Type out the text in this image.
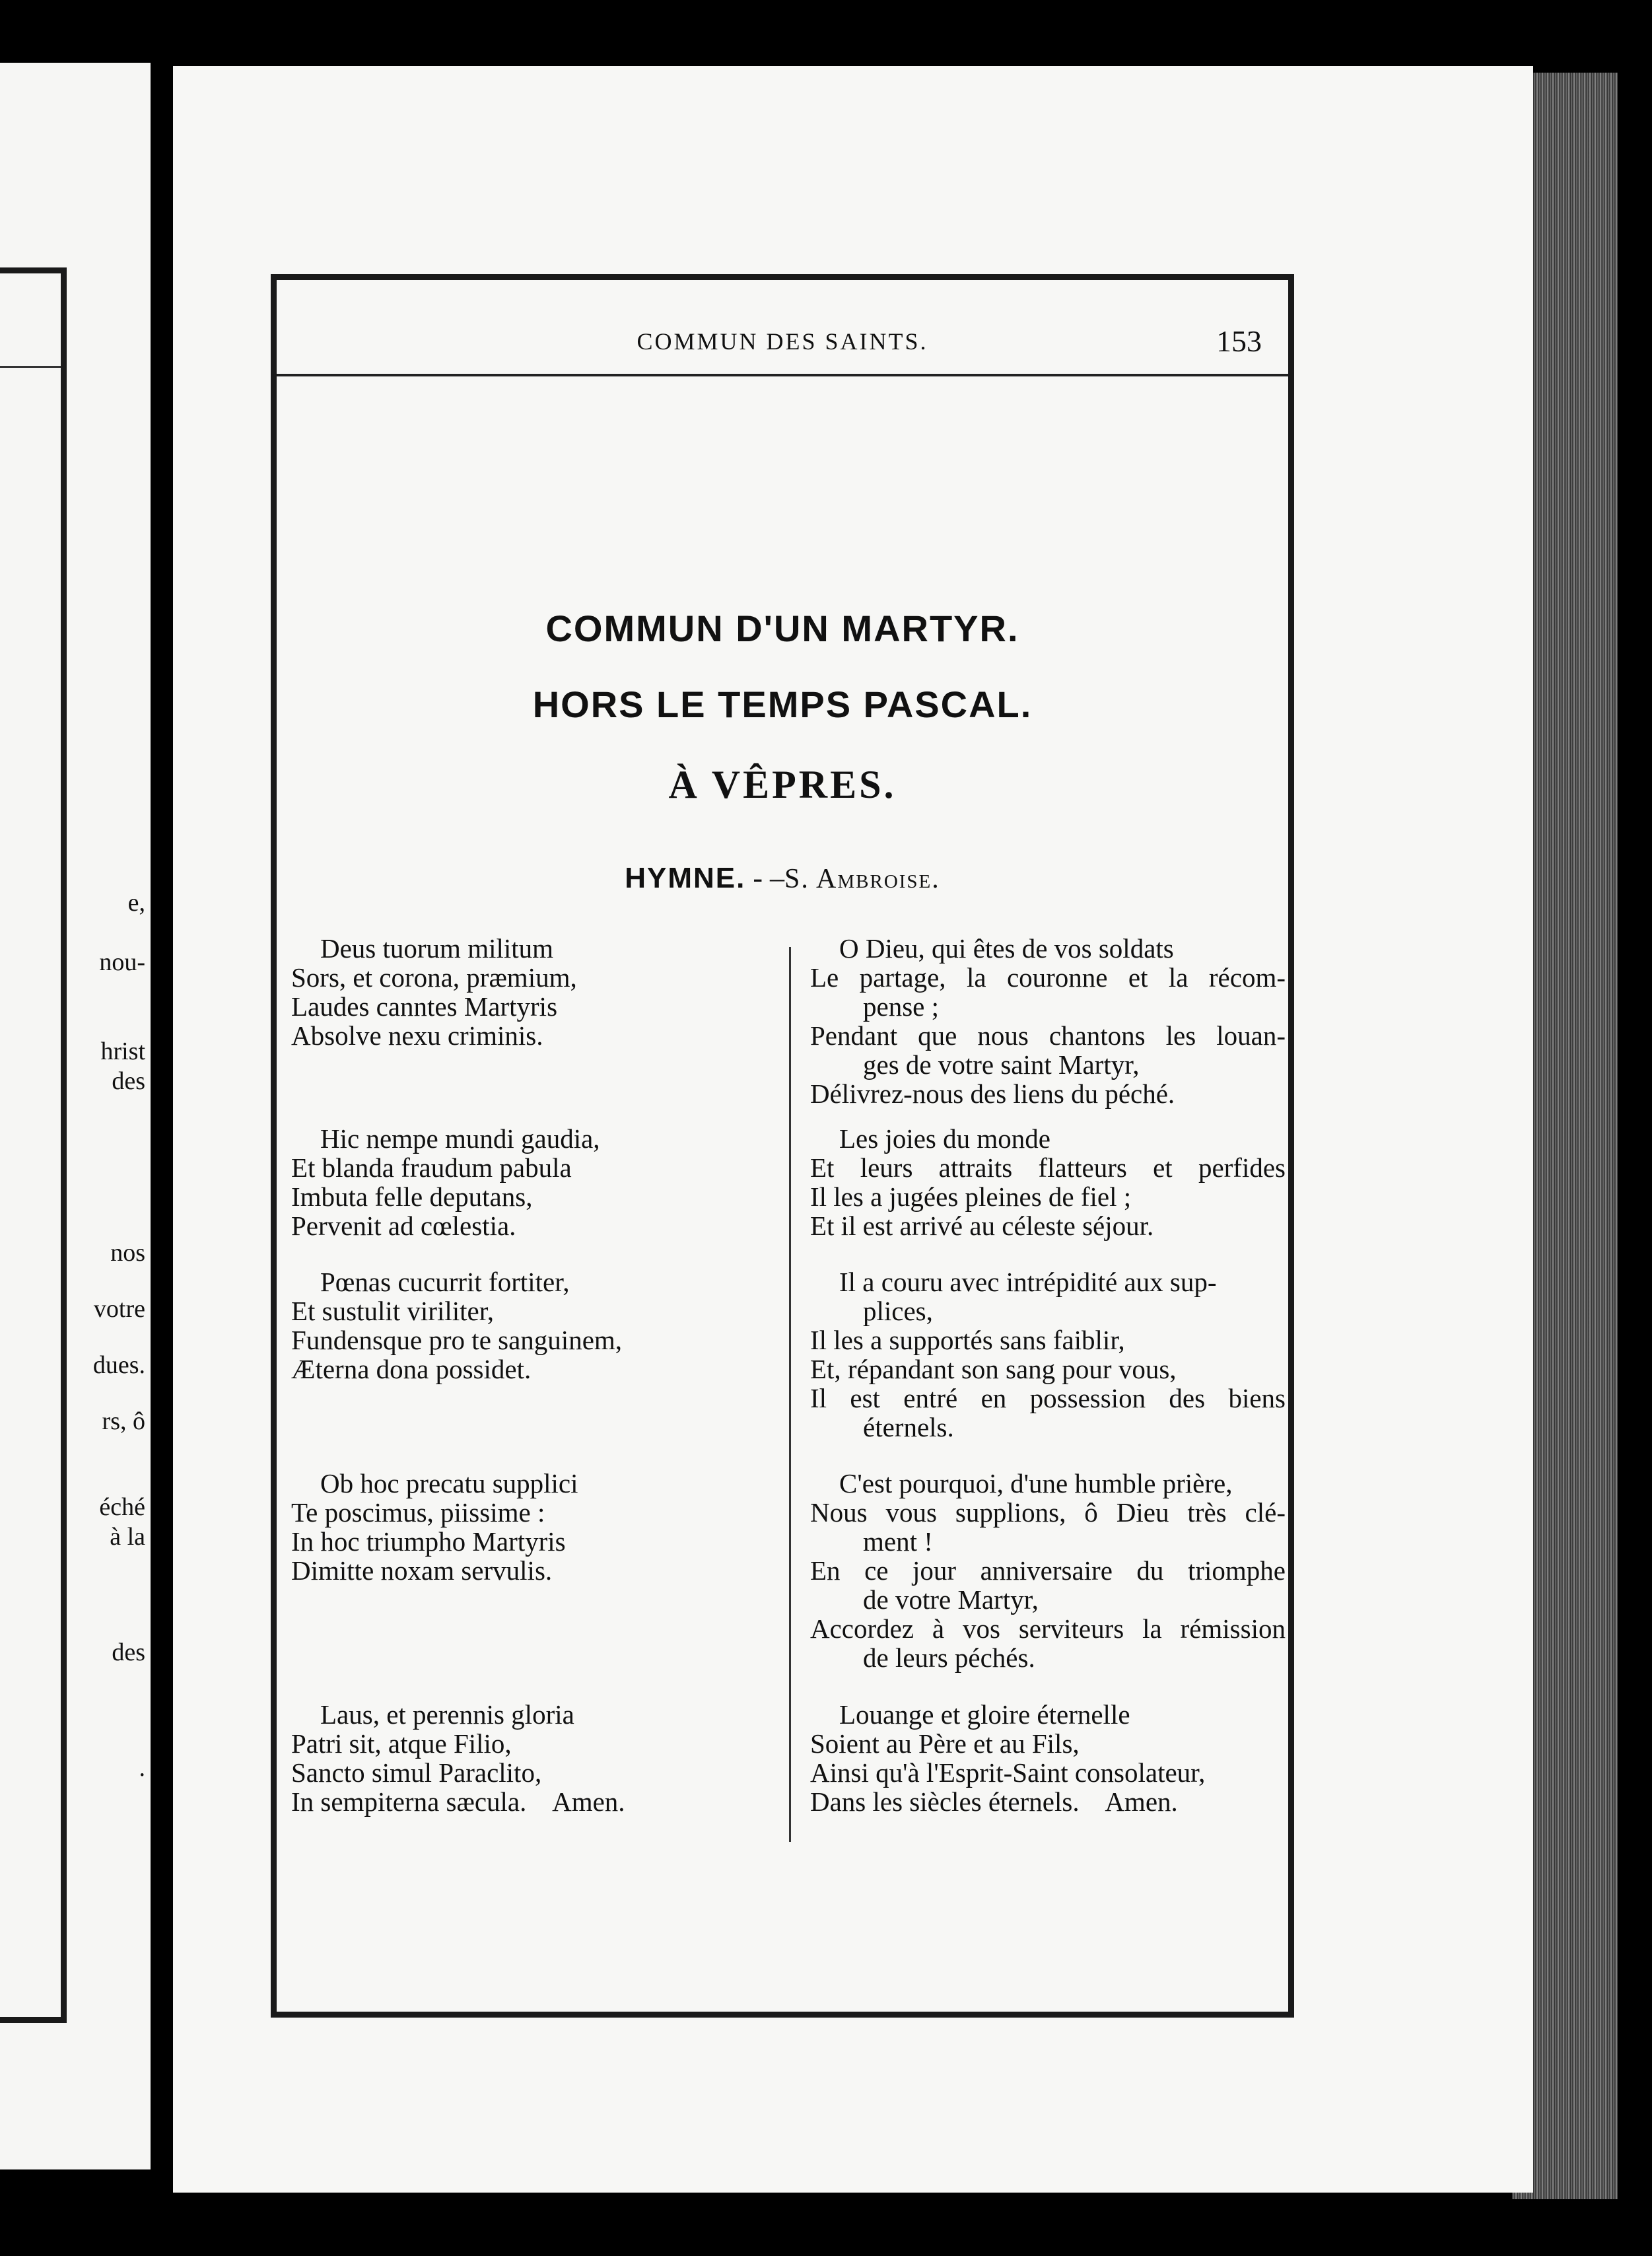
e,
nou-
hrist
des
nos
votre
dues.
rs, ô
éché
à la
des
.
COMMUN DES SAINTS.	153
COMMUN D'UN MARTYR.
HORS LE TEMPS PASCAL.
À VÊPRES.
HYMNE. - –S. Ambroise.
Deus tuorum militum
Sors, et corona, præmium,
Laudes canntes Martyris
Absolve nexu criminis.
Hic nempe mundi gaudia,
Et blanda fraudum pabula
Imbuta felle deputans,
Pervenit ad cœlestia.
Pœnas cucurrit fortiter,
Et sustulit viriliter,
Fundensque pro te sanguinem,
Æterna dona possidet.
Ob hoc precatu supplici
Te poscimus, piissime :
In hoc triumpho Martyris
Dimitte noxam servulis.
Laus, et perennis gloria
Patri sit, atque Filio,
Sancto simul Paraclito,
In sempiterna sæcula.    Amen.
O Dieu, qui êtes de vos soldats
Le partage, la couronne et la récom-
pense ;
Pendant que nous chantons les louan-
ges de votre saint Martyr,
Délivrez-nous des liens du péché.
Les joies du monde
Et leurs attraits flatteurs et perfides
Il les a jugées pleines de fiel ;
Et il est arrivé au céleste séjour.
Il a couru avec intrépidité aux sup-
plices,
Il les a supportés sans faiblir,
Et, répandant son sang pour vous,
Il est entré en possession des biens
éternels.
C'est pourquoi, d'une humble prière,
Nous vous supplions, ô Dieu très clé-
ment !
En ce jour anniversaire du triomphe
de votre Martyr,
Accordez à vos serviteurs la rémission
de leurs péchés.
Louange et gloire éternelle
Soient au Père et au Fils,
Ainsi qu'à l'Esprit-Saint consolateur,
Dans les siècles éternels.    Amen.
